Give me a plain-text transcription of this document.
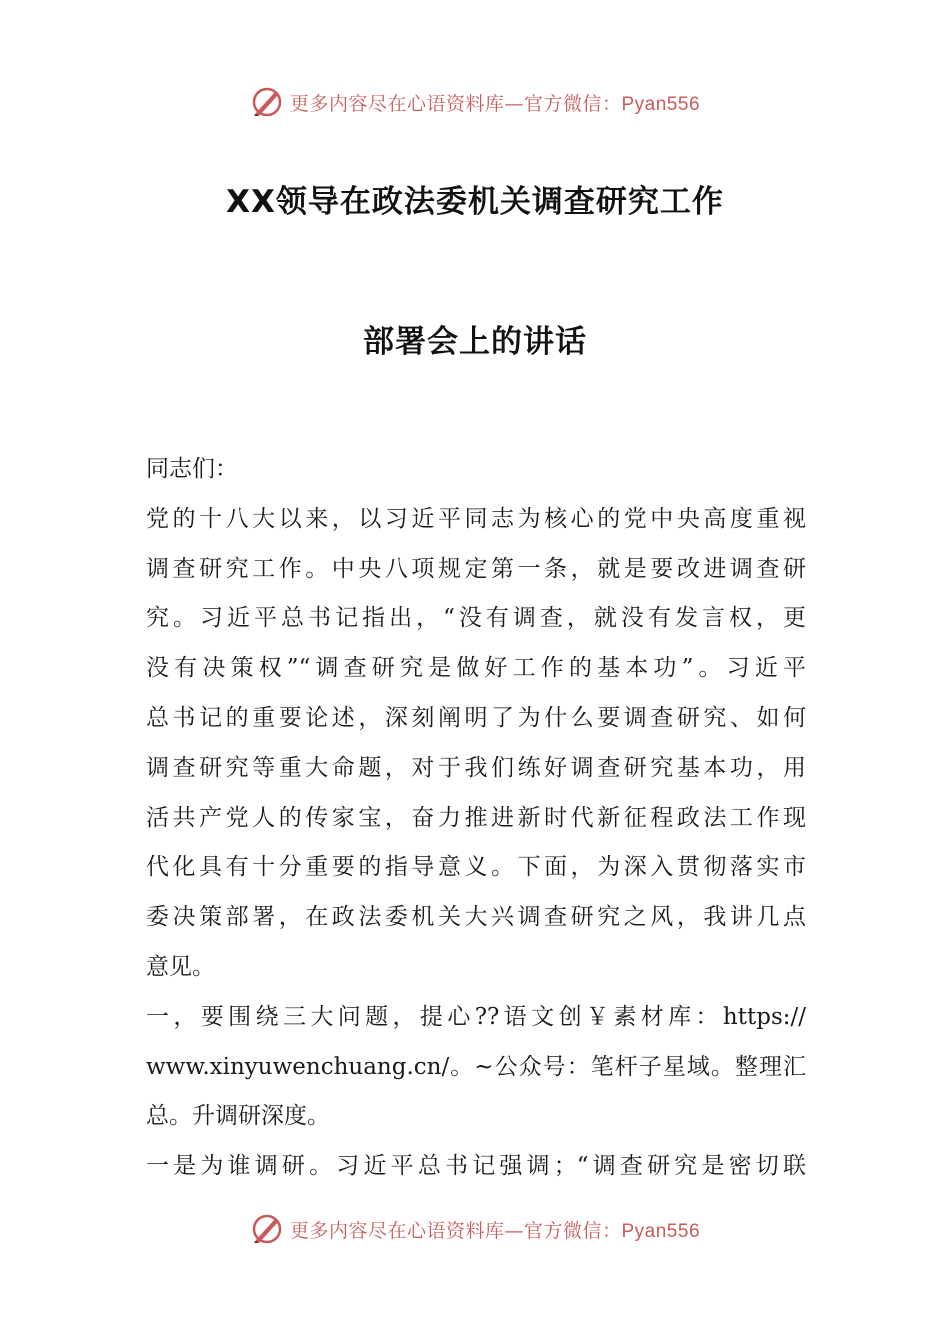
更多内容尽在心语资料库—官方微信：Pyan556
XX领导在政法委机关调查研究工作
部署会上的讲话
同志们：
党的十八大以来，以习近平同志为核心的党中央高度重视
调查研究工作。中央八项规定第一条，就是要改进调查研
究。习近平总书记指出，“没有调查，就没有发言权，更
没有决策权”“调查研究是做好工作的基本功”。习近平
总书记的重要论述，深刻阐明了为什么要调查研究、如何
调查研究等重大命题，对于我们练好调查研究基本功，用
活共产党人的传家宝，奋力推进新时代新征程政法工作现
代化具有十分重要的指导意义。下面，为深入贯彻落实市
委决策部署，在政法委机关大兴调查研究之风，我讲几点
意见。
一，要围绕三大问题，提心??语文创￥素材库：https://
www.xinyuwenchuang.cn/。~公众号：笔杆子星域。整理汇
总。升调研深度。
一是为谁调研。习近平总书记强调；“调查研究是密切联
更多内容尽在心语资料库—官方微信：Pyan556
